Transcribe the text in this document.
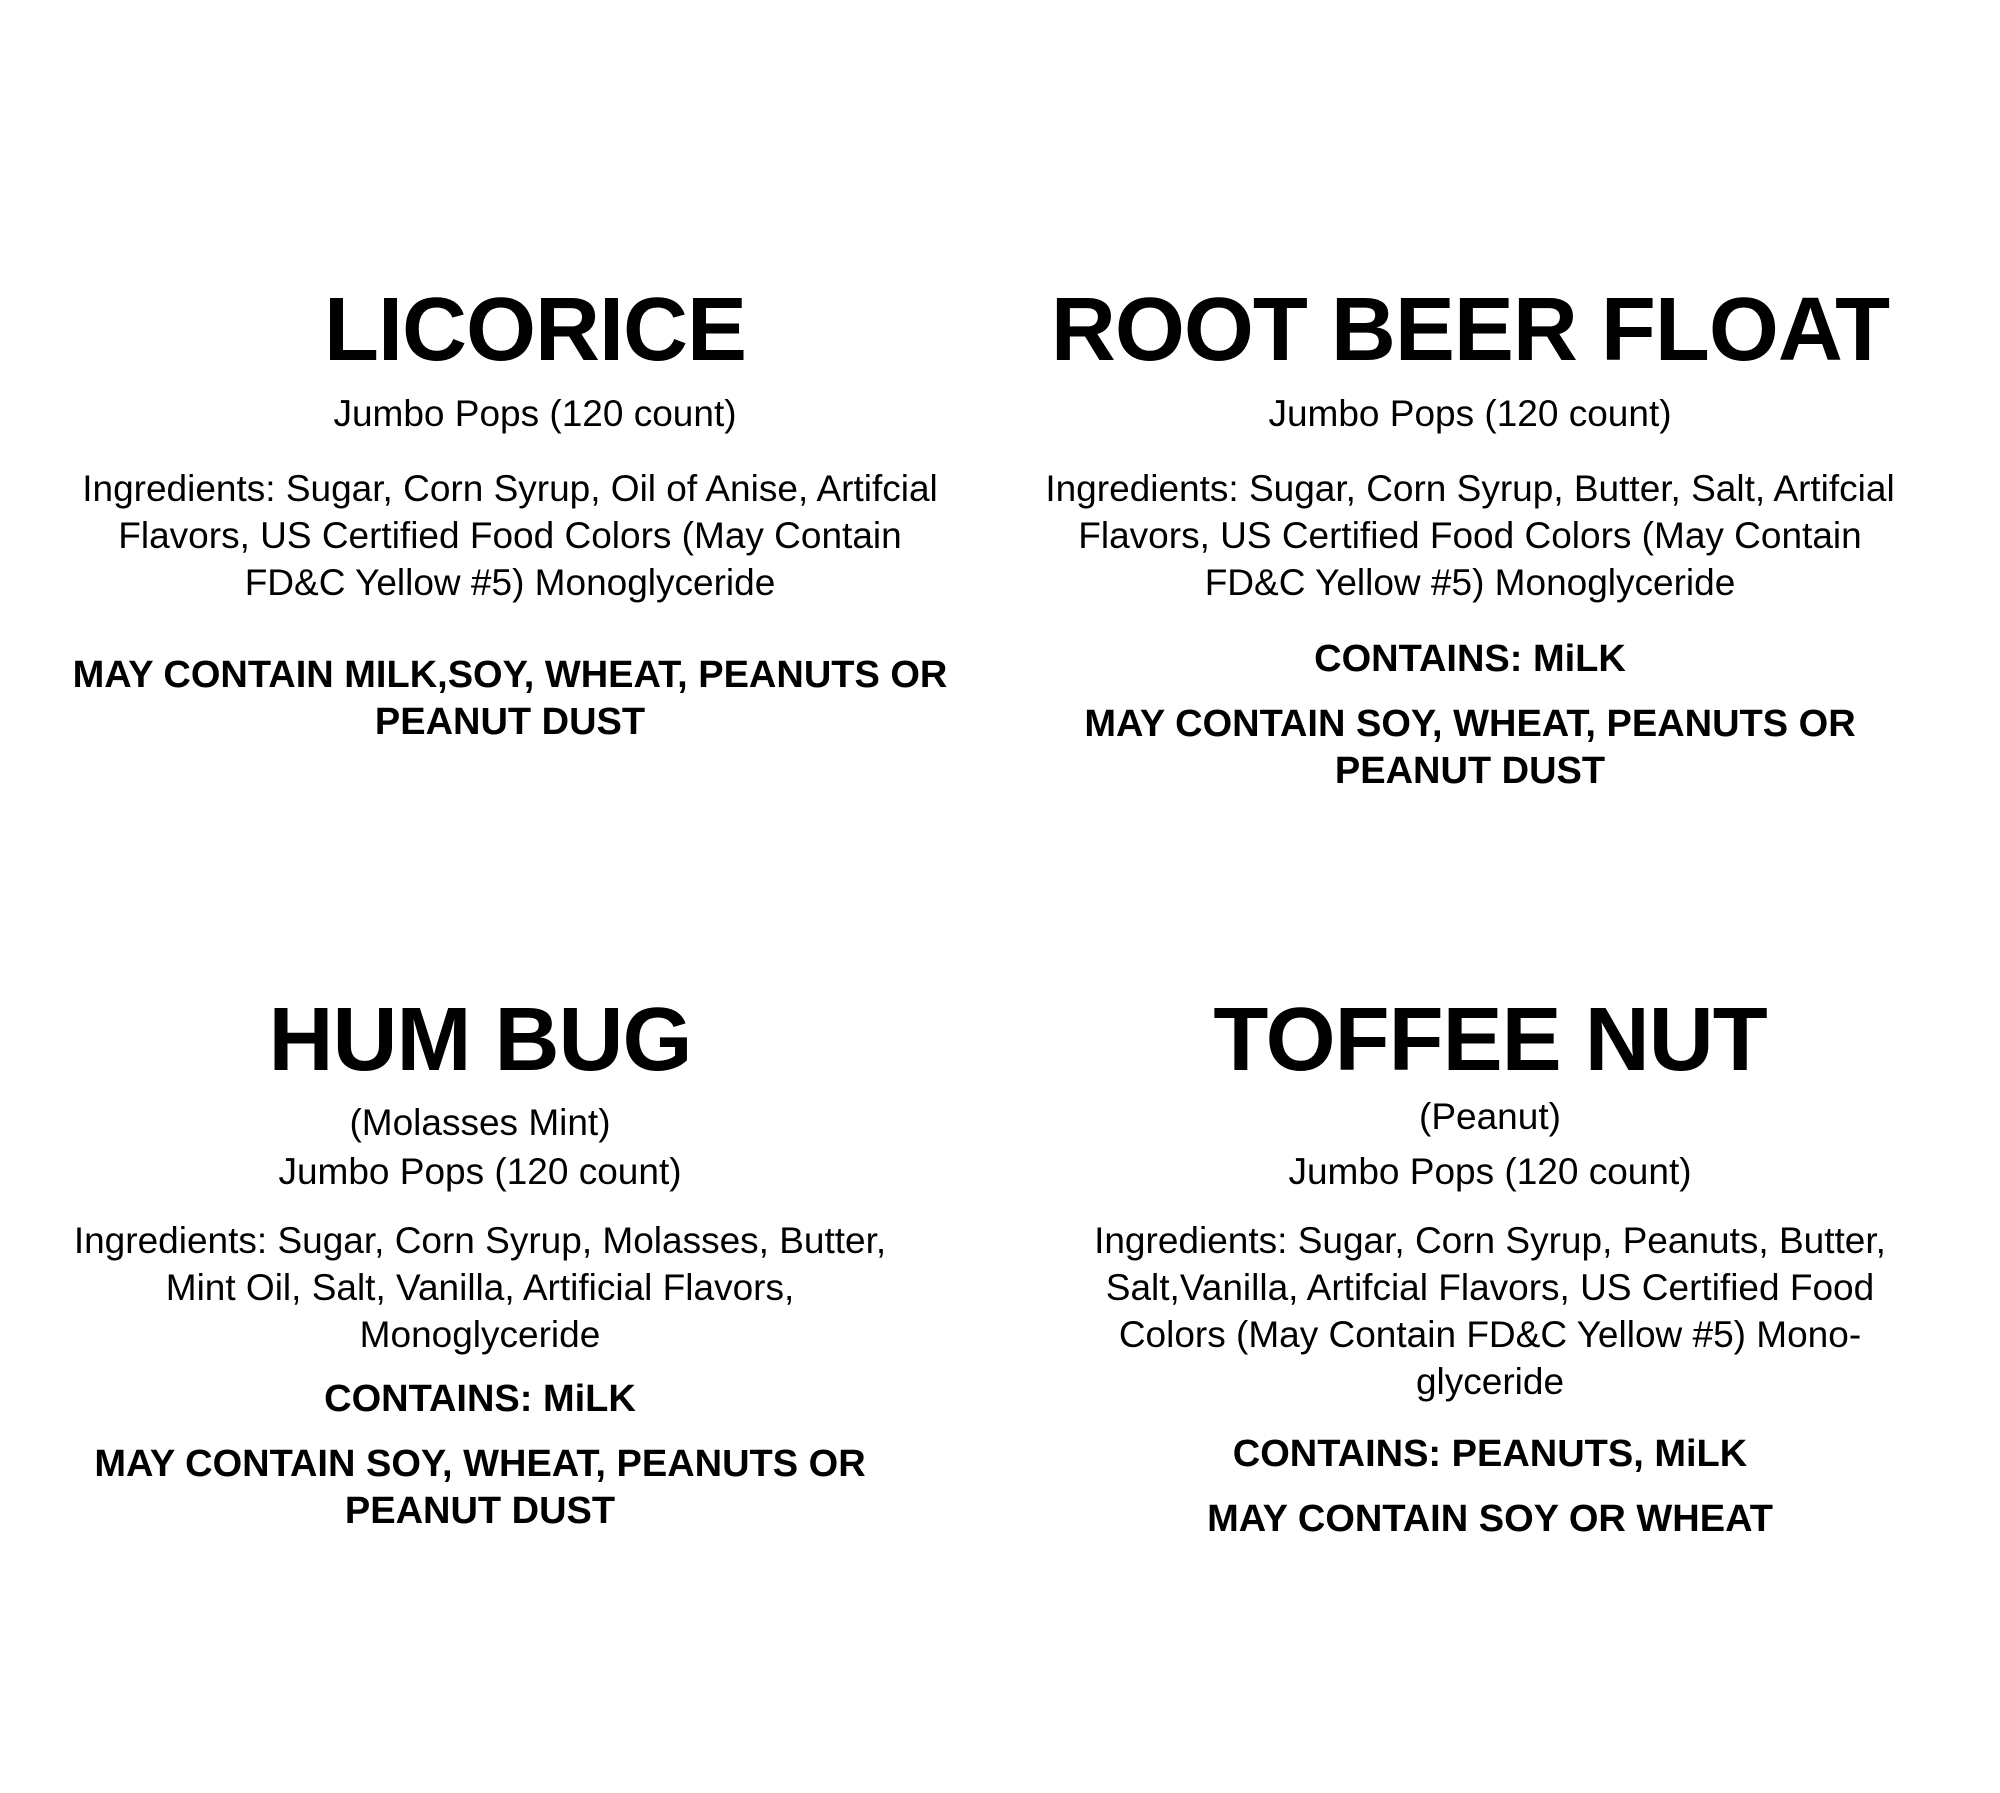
LICORICE
Jumbo Pops (120 count)
Ingredients: Sugar, Corn Syrup, Oil of Anise, Artifcial Flavors, US Certified Food Colors (May Contain FD&C Yellow #5) Monoglyceride
MAY CONTAIN MILK,SOY, WHEAT, PEANUTS OR PEANUT DUST
ROOT BEER FLOAT
Jumbo Pops (120 count)
Ingredients: Sugar, Corn Syrup, Butter, Salt, Artifcial Flavors, US Certified Food Colors (May Contain FD&C Yellow #5) Monoglyceride
CONTAINS: MiLK
MAY CONTAIN SOY, WHEAT, PEANUTS OR PEANUT DUST
HUM BUG
(Molasses Mint)
Jumbo Pops (120 count)
Ingredients: Sugar, Corn Syrup, Molasses, Butter, Mint Oil, Salt, Vanilla, Artificial Flavors, Monoglyceride
CONTAINS: MiLK
MAY CONTAIN SOY, WHEAT, PEANUTS OR PEANUT DUST
TOFFEE NUT
(Peanut)
Jumbo Pops (120 count)
Ingredients: Sugar, Corn Syrup, Peanuts, Butter, Salt,Vanilla, Artifcial Flavors, US Certified Food Colors (May Contain FD&C Yellow #5) Mono- glyceride
CONTAINS: PEANUTS, MiLK
MAY CONTAIN SOY OR WHEAT
